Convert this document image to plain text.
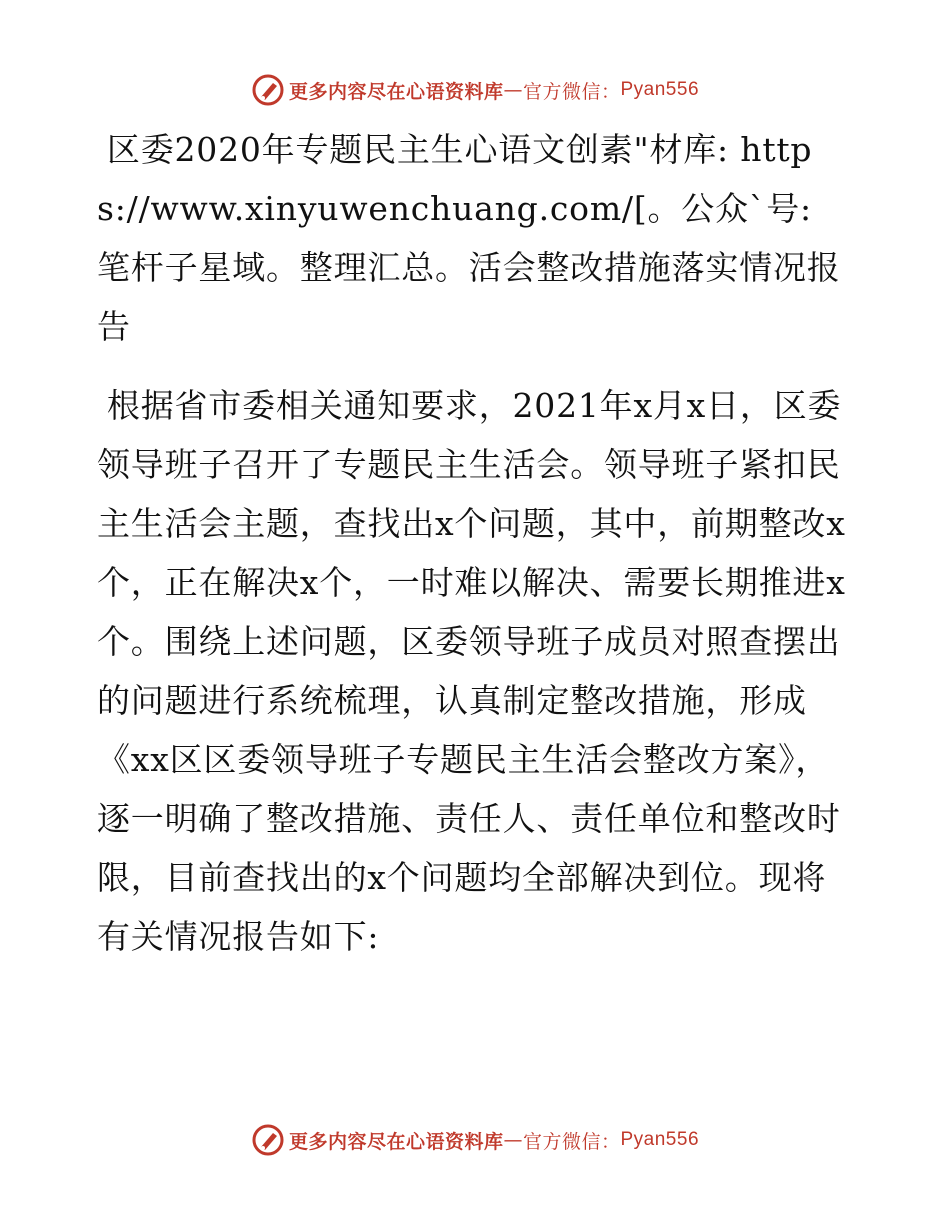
更多内容尽在心语资料库 — 官方微信： Pyan556

区委2020年专题民主生心语文创素"材库: https://www.xinyuwenchuang.com/[。公众`号: 笔杆子星域。整理汇总。活会整改措施落实情况报告

根据省市委相关通知要求，2021年x月x日，区委领导班子召开了专题民主生活会。领导班子紧扣民主生活会主题，查找出x个问题，其中，前期整改x个，正在解决x个，一时难以解决、需要长期推进x个。围绕上述问题，区委领导班子成员对照查摆出的问题进行系统梳理，认真制定整改措施，形成《xx区区委领导班子专题民主生活会整改方案》，逐一明确了整改措施、责任人、责任单位和整改时限，目前查找出的x个问题均全部解决到位。现将有关情况报告如下:

更多内容尽在心语资料库 — 官方微信： Pyan556
